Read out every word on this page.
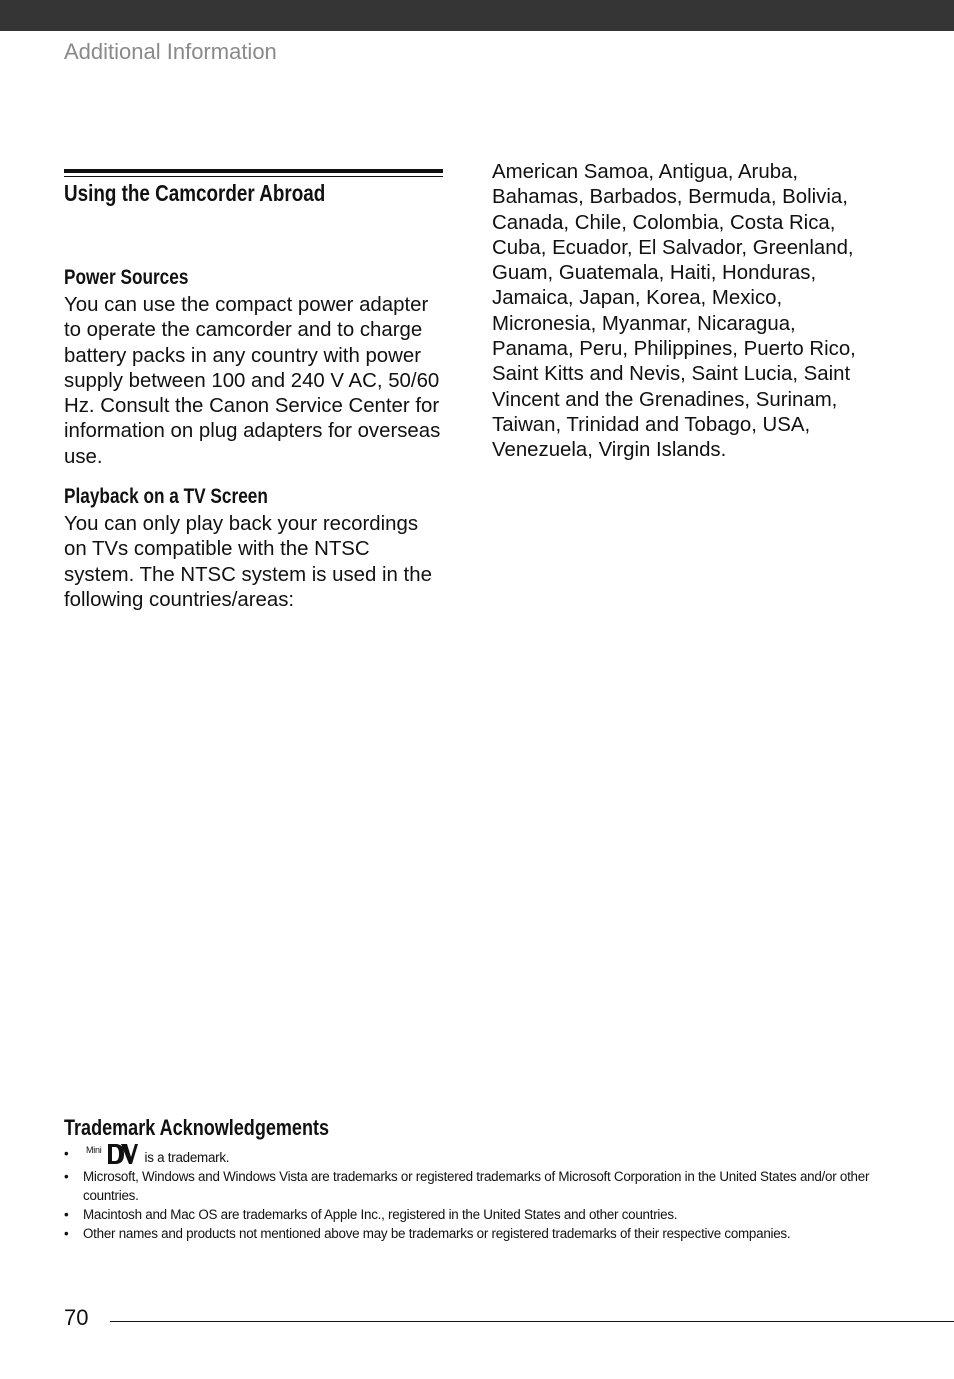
Additional Information
Using the Camcorder Abroad
Power Sources

You can use the compact power adapter to operate the camcorder and to charge battery packs in any country with power supply between 100 and 240 V AC, 50/60 Hz. Consult the Canon Service Center for information on plug adapters for overseas use.

Playback on a TV Screen

You can only play back your recordings on TVs compatible with the NTSC system. The NTSC system is used in the following countries/areas:

American Samoa, Antigua, Aruba, Bahamas, Barbados, Bermuda, Bolivia, Canada, Chile, Colombia, Costa Rica, Cuba, Ecuador, El Salvador, Greenland, Guam, Guatemala, Haiti, Honduras, Jamaica, Japan, Korea, Mexico, Micronesia, Myanmar, Nicaragua, Panama, Peru, Philippines, Puerto Rico, Saint Kitts and Nevis, Saint Lucia, Saint Vincent and the Grenadines, Surinam, Taiwan, Trinidad and Tobago, USA, Venezuela, Virgin Islands.

Trademark Acknowledgements
• Mini	is a trademark.
• Microsoft, Windows and Windows Vista are trademarks or registered trademarks of Microsoft Corporation in the United States and/or other countries.
• Macintosh and Mac OS are trademarks of Apple Inc., registered in the United States and other countries.
• Other names and products not mentioned above may be trademarks or registered trademarks of their respective companies.
70
